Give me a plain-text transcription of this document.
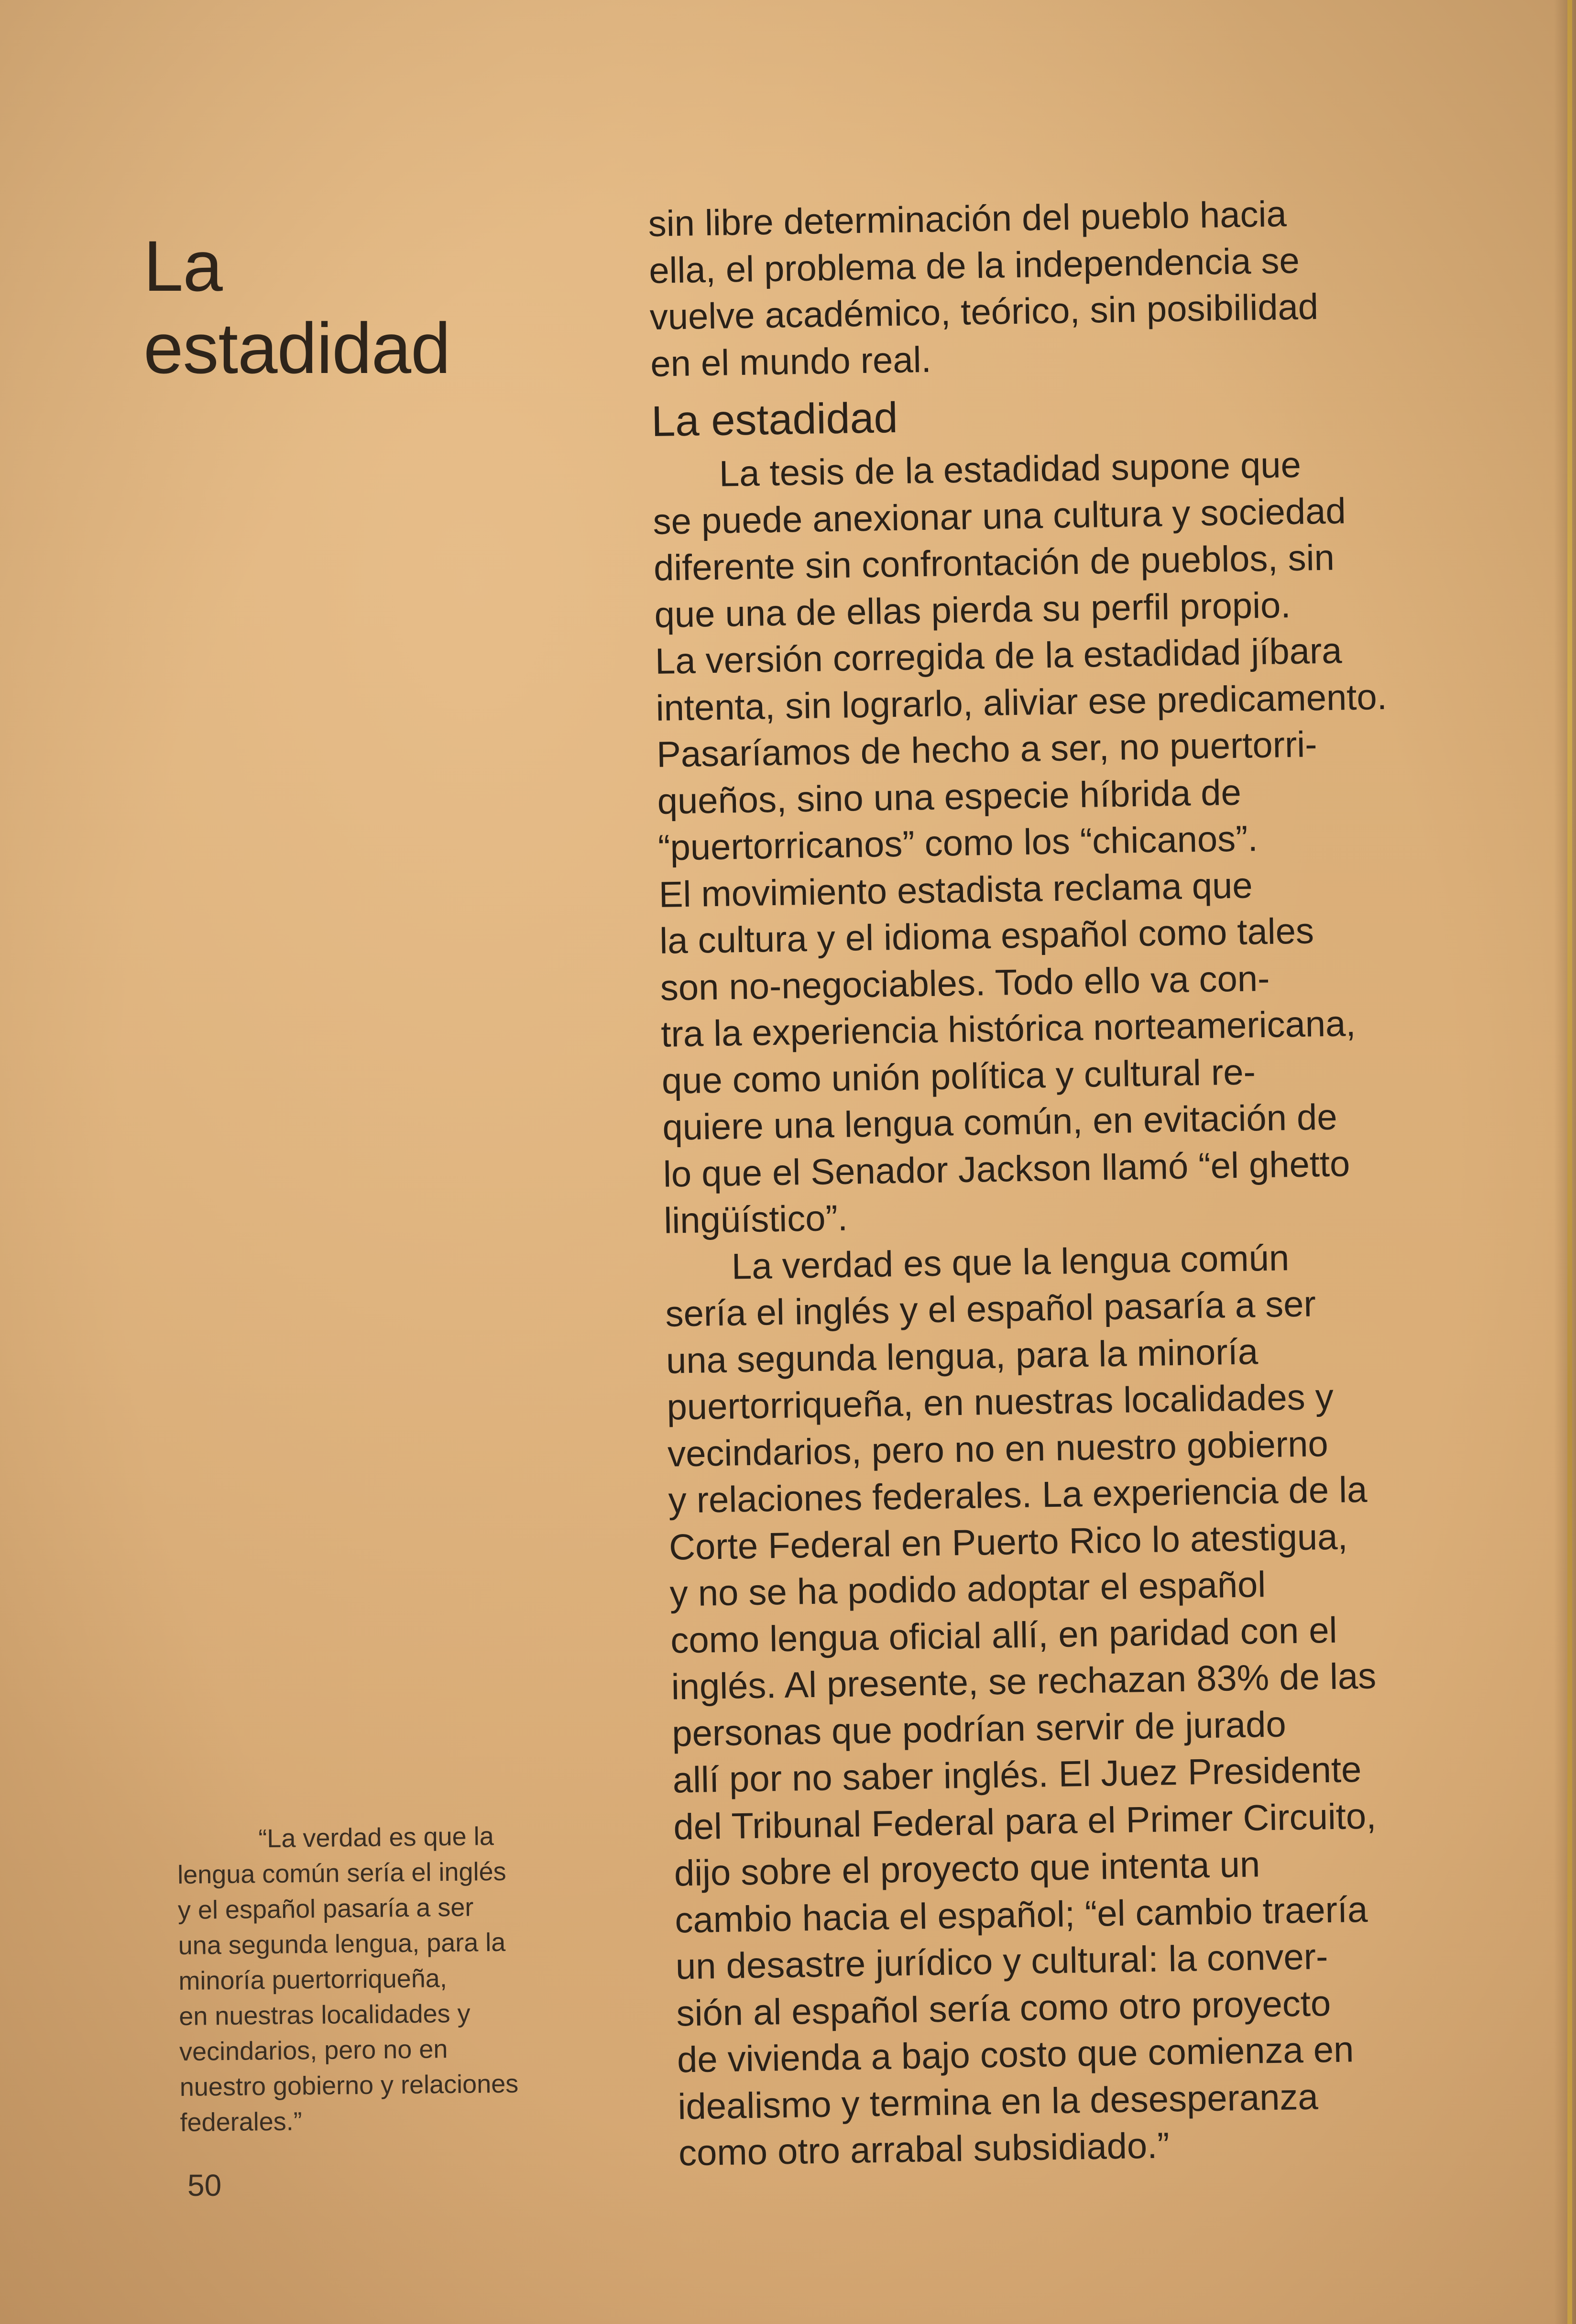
La
estadidad

sin libre determinación del pueblo hacia
ella, el problema de la independencia se
vuelve académico, teórico, sin posibilidad
en el mundo real.

La estadidad

La tesis de la estadidad supone que
se puede anexionar una cultura y sociedad
diferente sin confrontación de pueblos, sin
que una de ellas pierda su perfil propio.
La versión corregida de la estadidad jíbara
intenta, sin lograrlo, aliviar ese predicamento.
Pasaríamos de hecho a ser, no puertorri-
queños, sino una especie híbrida de
“puertorricanos” como los “chicanos”.
El movimiento estadista reclama que
la cultura y el idioma español como tales
son no-negociables. Todo ello va con-
tra la experiencia histórica norteamericana,
que como unión política y cultural re-
quiere una lengua común, en evitación de
lo que el Senador Jackson llamó “el ghetto
lingüístico”.

La verdad es que la lengua común
sería el inglés y el español pasaría a ser
una segunda lengua, para la minoría
puertorriqueña, en nuestras localidades y
vecindarios, pero no en nuestro gobierno
y relaciones federales. La experiencia de la
Corte Federal en Puerto Rico lo atestigua,
y no se ha podido adoptar el español
como lengua oficial allí, en paridad con el
inglés. Al presente, se rechazan 83% de las
personas que podrían servir de jurado
allí por no saber inglés. El Juez Presidente
del Tribunal Federal para el Primer Circuito,
dijo sobre el proyecto que intenta un
cambio hacia el español; “el cambio traería
un desastre jurídico y cultural: la conver-
sión al español sería como otro proyecto
de vivienda a bajo costo que comienza en
idealismo y termina en la desesperanza
como otro arrabal subsidiado.”

“La verdad es que la
lengua común sería el inglés
y el español pasaría a ser
una segunda lengua, para la
minoría puertorriqueña,
en nuestras localidades y
vecindarios, pero no en
nuestro gobierno y relaciones
federales.”
50
